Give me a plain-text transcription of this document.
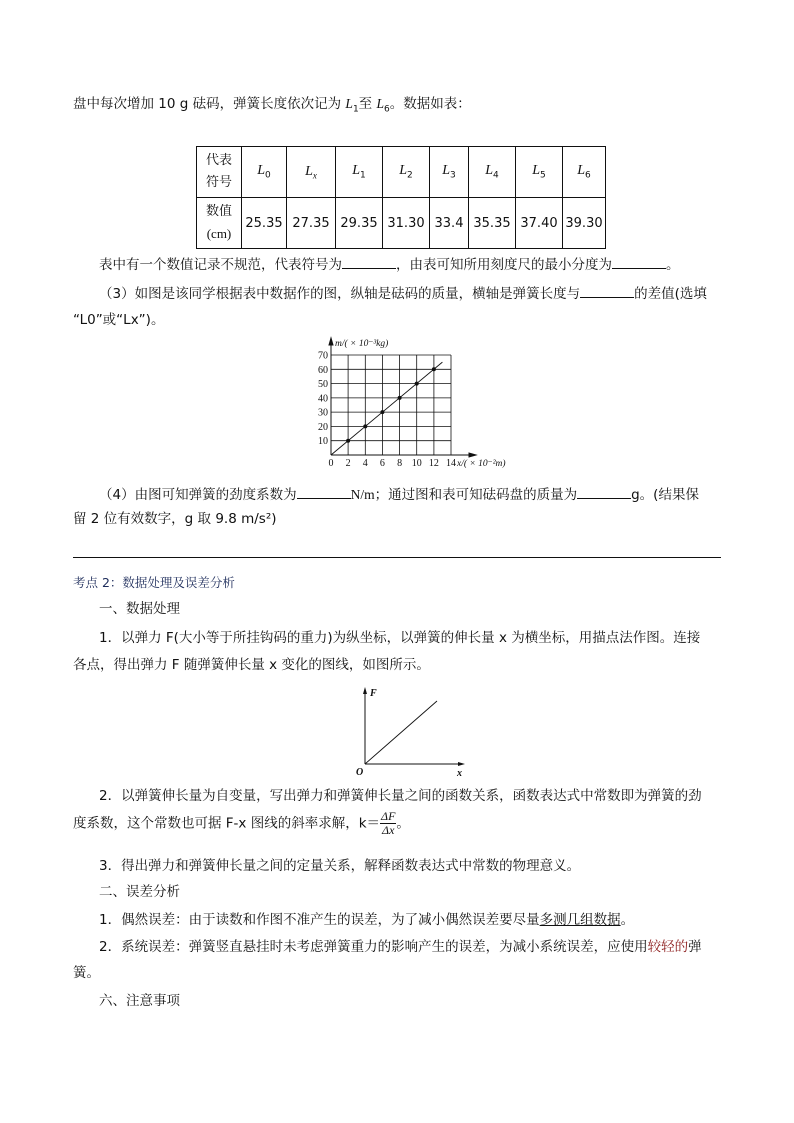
盘中每次增加 10 g 砝码，弹簧长度依次记为 $L_1$至 $L_6$。数据如表：
代表
符号	$L_0$	$L_x$	$L_1$	$L_2$	$L_3$	$L_4$	$L_5$	$L_6$

数值
(cm)	25.35	27.35	29.35	31.30	33.4	35.35	37.40	39.30
表中有一个数值记录不规范，代表符号为	，由表可知所用刻度尺的最小分度为	。
（3）如图是该同学根据表中数据作的图，纵轴是砝码的质量，横轴是弹簧长度与	的差值(选填
“L0”或“Lx”)。
70
60
50
40
30
20
10
0 2 4 6 8 10 12 14
m/( × 10⁻³kg)
x/( × 10⁻²m)
（4）由图可知弹簧的劲度系数为	N/m；通过图和表可知砝码盘的质量为	g。(结果保
留 2 位有效数字，g 取 9.8 m/s²)
考点 2：数据处理及误差分析
一、数据处理
1．以弹力 F(大小等于所挂钩码的重力)为纵坐标，以弹簧的伸长量 x 为横坐标，用描点法作图。连接
各点，得出弹力 F 随弹簧伸长量 x 变化的图线，如图所示。
F
x
O
2．以弹簧伸长量为自变量，写出弹力和弹簧伸长量之间的函数关系，函数表达式中常数即为弹簧的劲
度系数，这个常数也可据 F-x 图线的斜率求解，$k= \frac{\Delta F}{\Delta x}$ 。
3．得出弹力和弹簧伸长量之间的定量关系，解释函数表达式中常数的物理意义。
二、误差分析
1．偶然误差：由于读数和作图不准产生的误差，为了减小偶然误差要尽量多测几组数据。
2．系统误差：弹簧竖直悬挂时未考虑弹簧重力的影响产生的误差，为减小系统误差，应使用较轻的弹
簧。
六、注意事项
